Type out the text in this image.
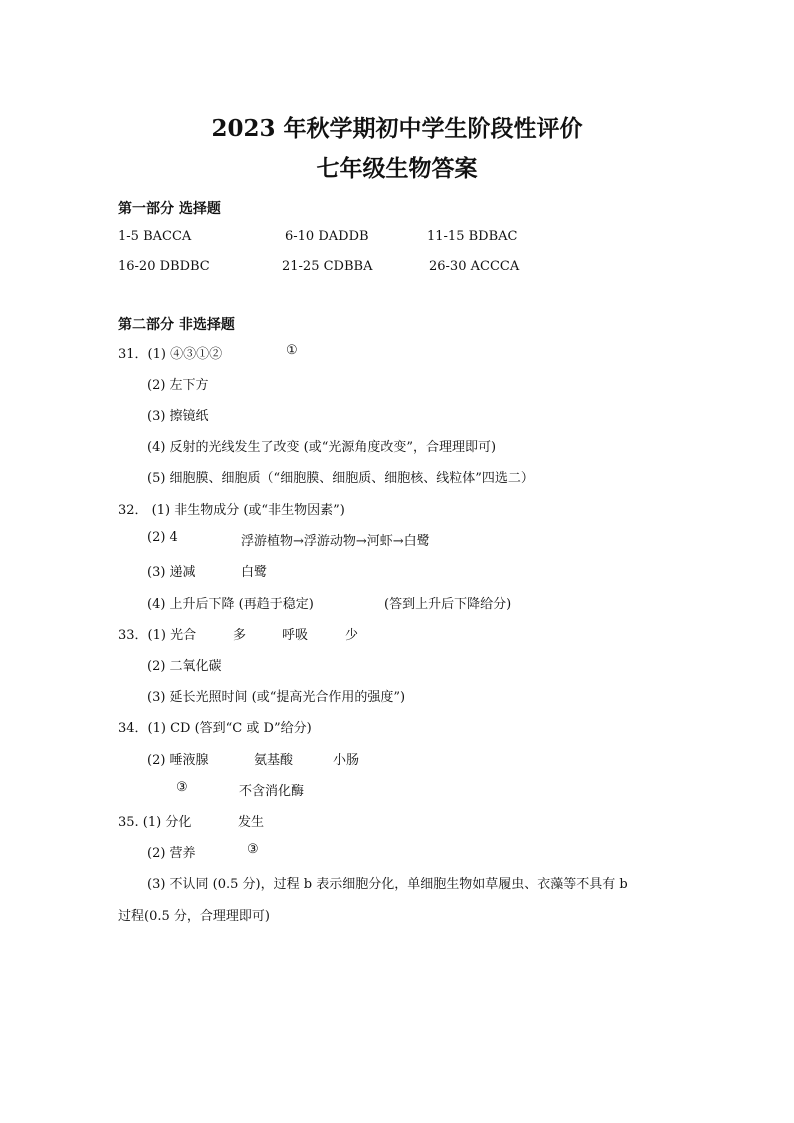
2023 年秋学期初中学生阶段性评价
七年级生物答案
第一部分 选择题
1-5 BACCA	6-10 DADDB	11-15 BDBAC
16-20 DBDBC	21-25 CDBBA	26-30 ACCCA
第二部分 非选择题
31．(1) ④③①②	①
(2) 左下方
(3) 擦镜纸
(4) 反射的光线发生了改变 (或“光源角度改变”，合理理即可)
(5) 细胞膜、细胞质（“细胞膜、细胞质、细胞核、线粒体”四选二）
32． (1) 非生物成分 (或“非生物因素”)
(2) 4	浮游植物→浮游动物→河虾→白鹭
(3) 递减	白鹭
(4) 上升后下降 (再趋于稳定)	(答到上升后下降给分)
33．(1) 光合	多	呼吸	少
(2) 二氧化碳
(3) 延长光照时间 (或“提高光合作用的强度”)
34．(1) CD (答到“C 或 D”给分)
(2) 唾液腺	氨基酸	小肠
③	不含消化酶
35. (1) 分化	发生
(2) 营养	③
(3) 不认同 (0.5 分)，过程 b 表示细胞分化，单细胞生物如草履虫、衣藻等不具有 b
过程(0.5 分，合理理即可)
